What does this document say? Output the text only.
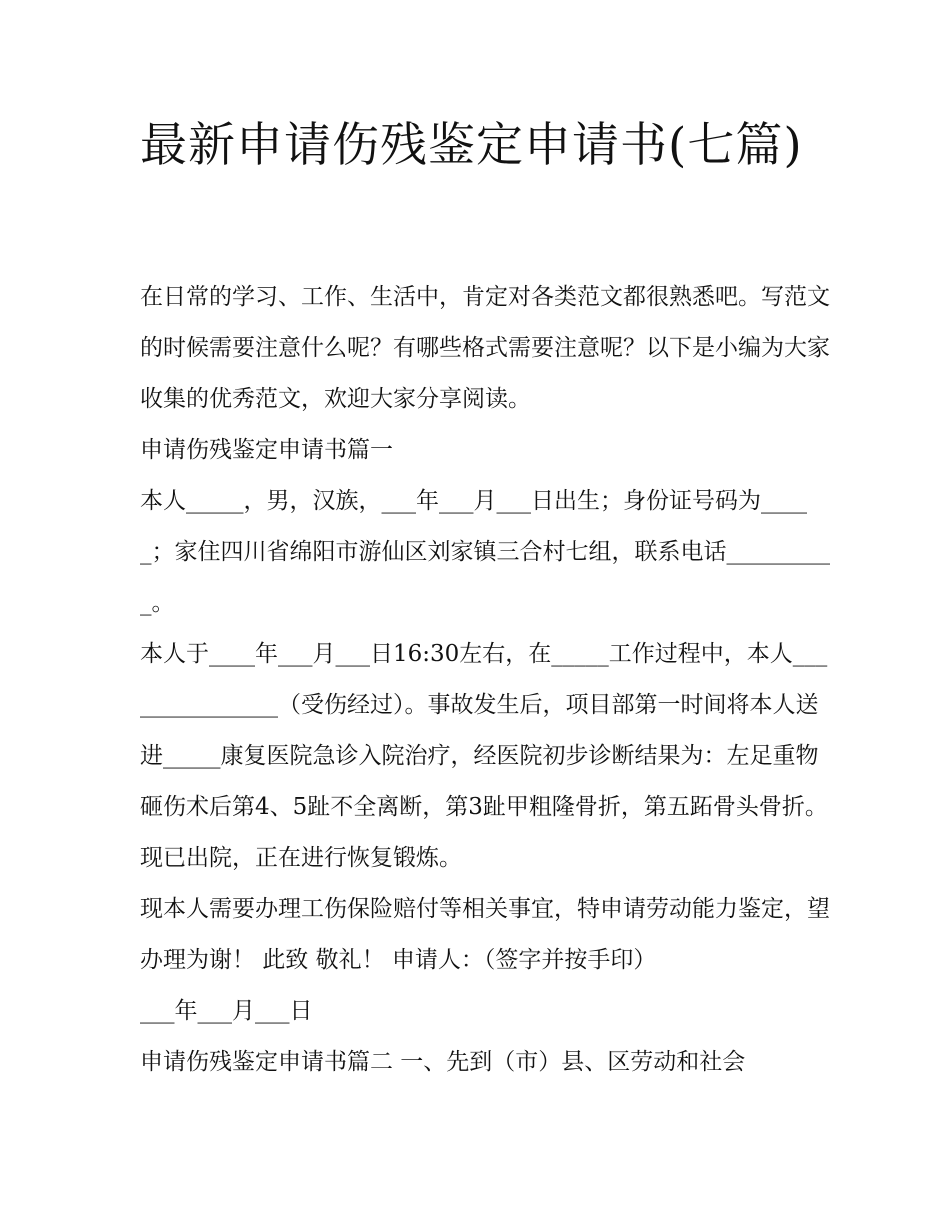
最新申请伤残鉴定申请书(七篇)

在日常的学习、工作、生活中，肯定对各类范文都很熟悉吧。写范文的时候需要注意什么呢？有哪些格式需要注意呢？以下是小编为大家收集的优秀范文，欢迎大家分享阅读。

申请伤残鉴定申请书篇一

本人_____，男，汉族，___年___月___日出生；身份证号码为_____；家住四川省绵阳市游仙区刘家镇三合村七组，联系电话__________。

本人于____年___月___日16:30左右，在_____工作过程中，本人_______________（受伤经过）。事故发生后，项目部第一时间将本人送进_____康复医院急诊入院治疗，经医院初步诊断结果为：左足重物砸伤术后第4、5趾不全离断，第3趾甲粗隆骨折，第五跖骨头骨折。现已出院，正在进行恢复锻炼。

现本人需要办理工伤保险赔付等相关事宜，特申请劳动能力鉴定，望办理为谢！ 此致 敬礼！ 申请人：（签字并按手印）

___年___月___日

申请伤残鉴定申请书篇二 一、先到（市）县、区劳动和社会
